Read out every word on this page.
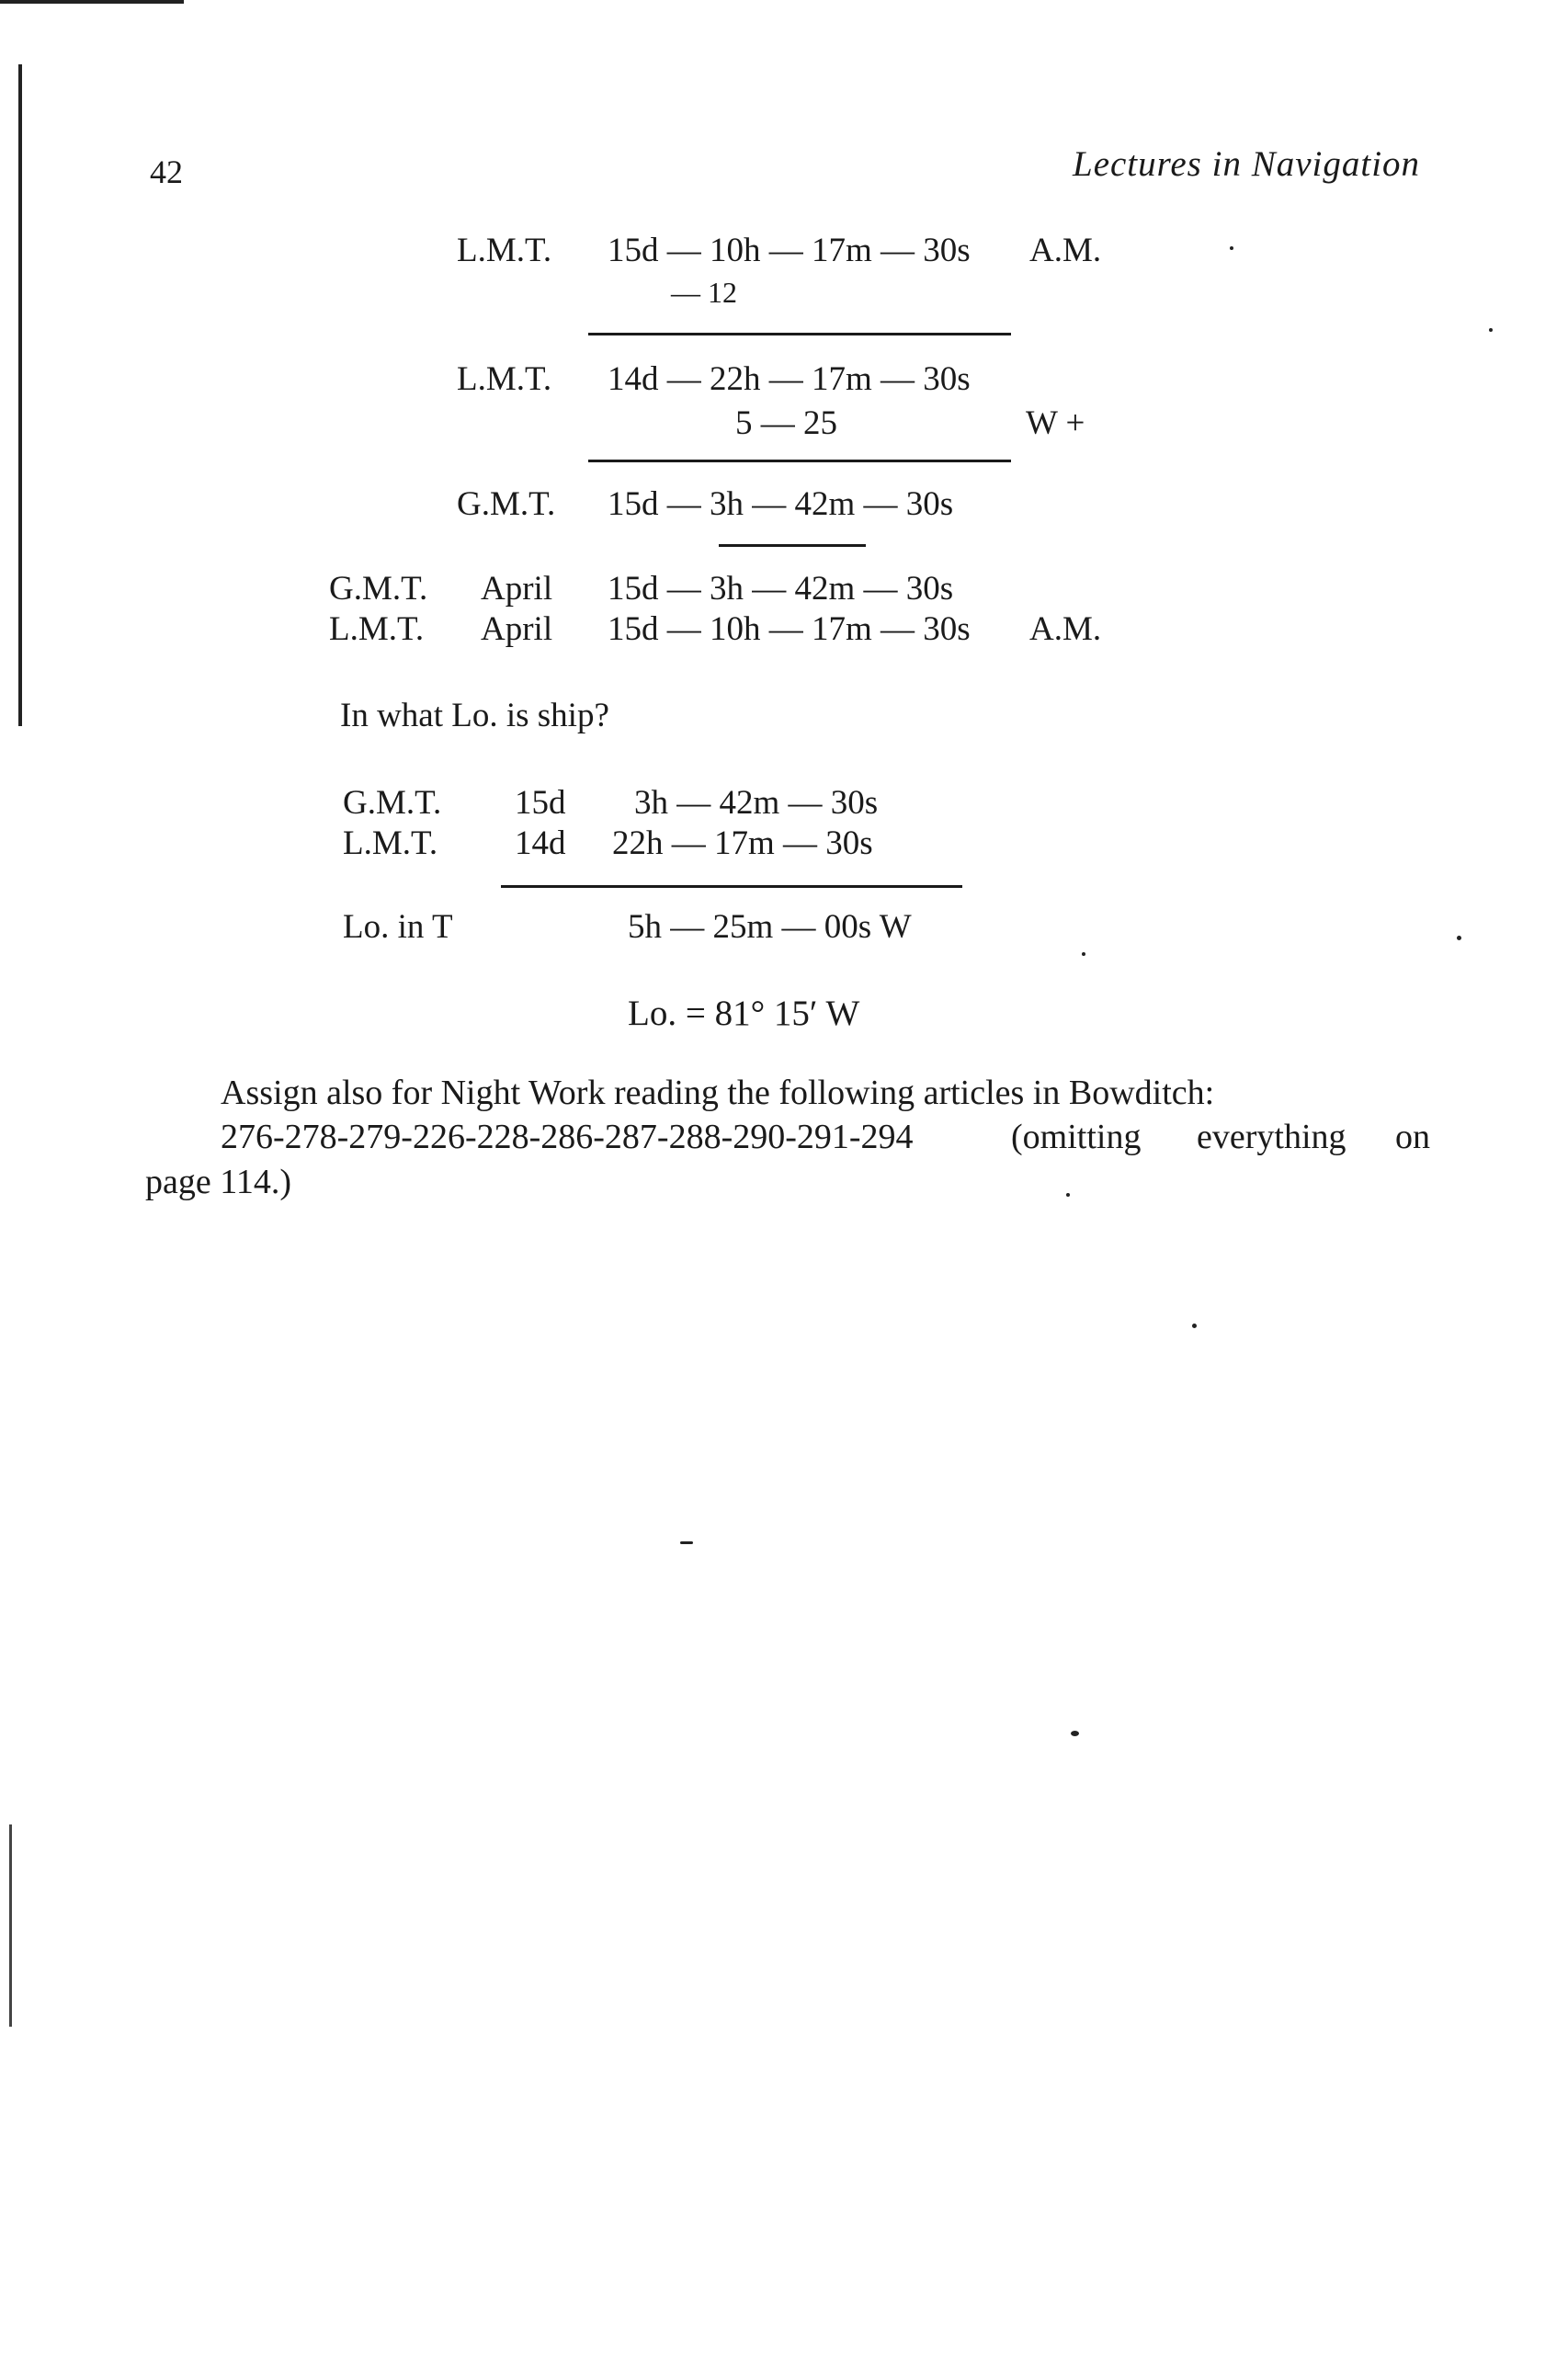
42	Lectures in Navigation
L.M.T. 15d — 10h — 17m — 30s A.M.
— 12
L.M.T. 14d — 22h — 17m — 30s
5 — 25	W +
G.M.T. 15d — 3h — 42m — 30s
G.M.T. April 15d — 3h — 42m — 30s
L.M.T. April 15d — 10h — 17m — 30s A.M.
In what Lo. is ship?
G.M.T. 15d 3h — 42m — 30s
L.M.T. 14d 22h — 17m — 30s
Lo. in T	5h — 25m — 00s W
Lo. = 81° 15′ W
Assign also for Night Work reading the following articles in Bowditch:
276-278-279-226-228-286-287-288-290-291-294	(omitting everything on
page 114.)
